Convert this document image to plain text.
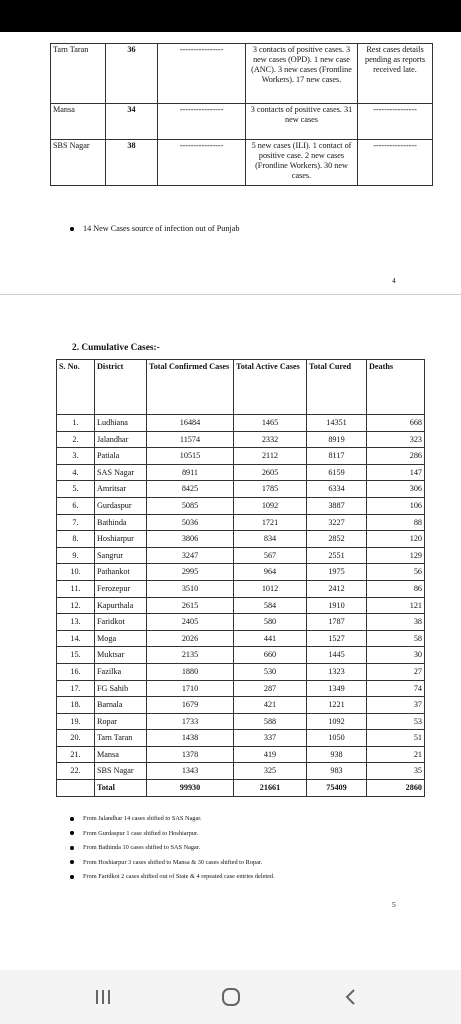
Tarn Taran	36	----------------	3 contacts of positive cases. 3 new cases (OPD). 1 new case (ANC). 3 new cases (Frontline Workers). 17 new cases.	Rest cases details pending as reports received late.
Mansa	34	----------------	3 contacts of positive cases. 31 new cases	----------------
SBS Nagar	38	----------------	5 new cases (ILI). 1 contact of positive case. 2 new cases (Frontline Workers). 30 new cases.	----------------
14 New Cases source of infection out of Punjab
4
2. Cumulative Cases:-
S. No.	District	Total Confirmed Cases	Total Active Cases	Total Cured	Deaths
1.	Ludhiana	16484	1465	14351	668
2.	Jalandhar	11574	2332	8919	323
3.	Patiala	10515	2112	8117	286
4.	SAS Nagar	8911	2605	6159	147
5.	Amritsar	8425	1785	6334	306
6.	Gurdaspur	5085	1092	3887	106
7.	Bathinda	5036	1721	3227	88
8.	Hoshiarpur	3806	834	2852	120
9.	Sangrur	3247	567	2551	129
10.	Pathankot	2995	964	1975	56
11.	Ferozepur	3510	1012	2412	86
12.	Kapurthala	2615	584	1910	121
13.	Faridkot	2405	580	1787	38
14.	Moga	2026	441	1527	58
15.	Muktsar	2135	660	1445	30
16.	Fazilka	1880	530	1323	27
17.	FG Sahib	1710	287	1349	74
18.	Barnala	1679	421	1221	37
19.	Ropar	1733	588	1092	53
20.	Tarn Taran	1438	337	1050	51
21.	Mansa	1378	419	938	21
22.	SBS Nagar	1343	325	983	35
	Total	99930	21661	75409	2860
From Jalandhar 14 cases shifted to SAS Nagar.
From Gurdaspur 1 case shifted to Hoshiarpur.
From Bathinda 10 cases shifted to SAS Nagar.
From Hoshiarpur 3 cases shifted to Mansa & 30 cases shifted to Ropar.
From Faridkot 2 cases shifted out of State & 4 repeated case entries deleted.
5
